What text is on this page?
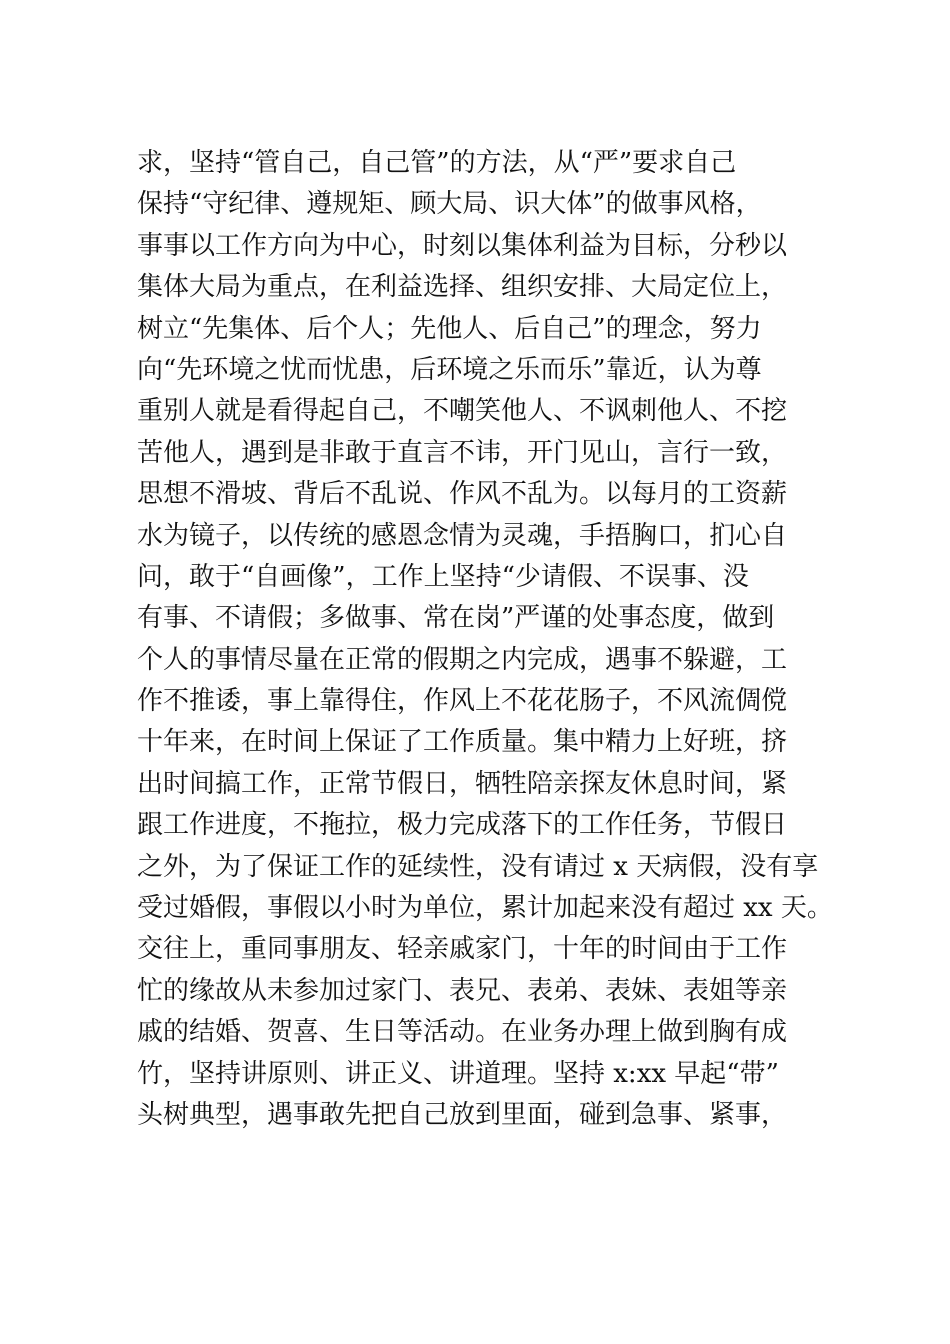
求，坚持“管自己，自己管”的方法，从“严”要求自己
保持“守纪律、遵规矩、顾大局、识大体”的做事风格，
事事以工作方向为中心，时刻以集体利益为目标，分秒以
集体大局为重点，在利益选择、组织安排、大局定位上，
树立“先集体、后个人；先他人、后自己”的理念，努力
向“先环境之忧而忧患，后环境之乐而乐”靠近，认为尊
重别人就是看得起自己，不嘲笑他人、不讽刺他人、不挖
苦他人，遇到是非敢于直言不讳，开门见山，言行一致，
思想不滑坡、背后不乱说、作风不乱为。以每月的工资薪
水为镜子，以传统的感恩念情为灵魂，手捂胸口，扪心自
问，敢于“自画像”，工作上坚持“少请假、不误事、没
有事、不请假；多做事、常在岗”严谨的处事态度，做到
个人的事情尽量在正常的假期之内完成，遇事不躲避，工
作不推诿，事上靠得住，作风上不花花肠子，不风流倜傥
十年来，在时间上保证了工作质量。集中精力上好班，挤
出时间搞工作，正常节假日，牺牲陪亲探友休息时间，紧
跟工作进度，不拖拉，极力完成落下的工作任务，节假日
之外，为了保证工作的延续性，没有请过 x 天病假，没有享
受过婚假，事假以小时为单位，累计加起来没有超过 xx 天。
交往上，重同事朋友、轻亲戚家门，十年的时间由于工作
忙的缘故从未参加过家门、表兄、表弟、表妹、表姐等亲
戚的结婚、贺喜、生日等活动。在业务办理上做到胸有成
竹，坚持讲原则、讲正义、讲道理。坚持 x:xx 早起“带”
头树典型，遇事敢先把自己放到里面，碰到急事、紧事，
